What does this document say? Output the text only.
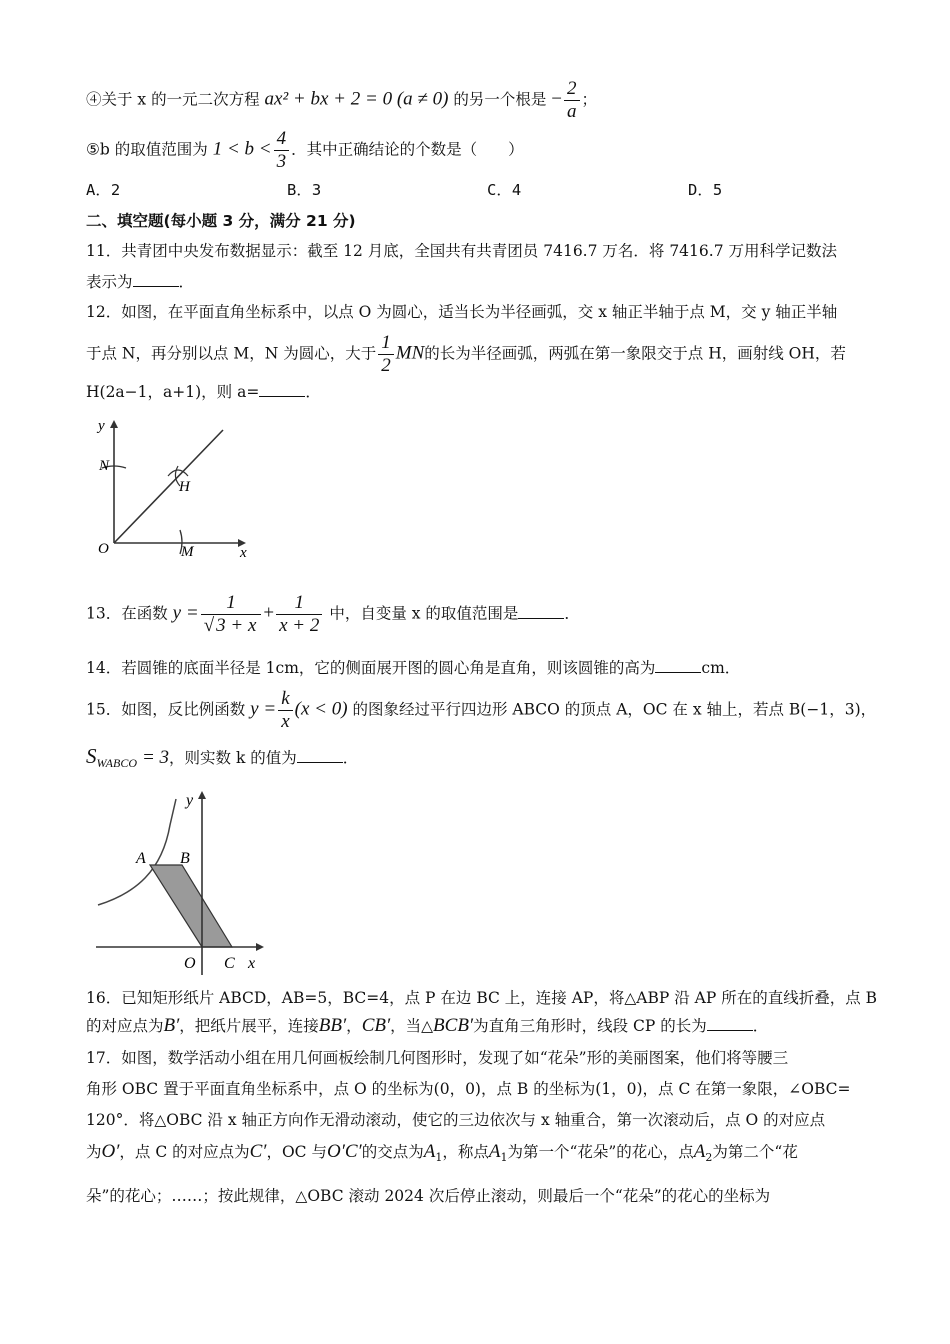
④关于 x 的一元二次方程 ax² + bx + 2 = 0 (a ≠ 0) 的另一个根是 − $\frac{2}{a}$ ；
⑤b 的取值范围为 $1 < b < \frac{4}{3}$ ．其中正确结论的个数是（　　）
A．2	B．3	C．4	D．5
二、填空题(每小题 3 分，满分 21 分)
11．共青团中央发布数据显示：截至 12 月底，全国共有共青团员 7416.7 万名．将 7416.7 万用科学记数法
表示为	．
12．如图，在平面直角坐标系中，以点 O 为圆心，适当长为半径画弧，交 x 轴正半轴于点 M，交 y 轴正半轴
于点 N，再分别以点 M，N 为圆心，大于 $\frac{1}{2}$ MN的长为半径画弧，两弧在第一象限交于点 H，画射线 OH，若
H(2a−1，a+1)，则 a=	．
y
x
O
N
M
H
13．在函数 $y = \frac{1}{√ 3 + x} + \frac{1}{x + 2}$ 中，自变量 x 的取值范围是	．
14．若圆锥的底面半径是 1cm，它的侧面展开图的圆心角是直角，则该圆锥的高为	cm．
15．如图，反比例函数 $y = \frac{k}{x} (x < 0)$ 的图象经过平行四边形 ABCO 的顶点 A，OC 在 x 轴上，若点 B(−1，3)，
$S_{WABCO} = 3$，则实数 k 的值为	．
y
x
O C
A B
16．已知矩形纸片 ABCD，AB=5，BC=4，点 P 在边 BC 上，连接 AP，将△ABP 沿 AP 所在的直线折叠，点 B
的对应点为B′，把纸片展平，连接BB′，CB′，当△BCB′为直角三角形时，线段 CP 的长为	．
17．如图，数学活动小组在用几何画板绘制几何图形时，发现了如“花朵”形的美丽图案，他们将等腰三
角形 OBC 置于平面直角坐标系中，点 O 的坐标为(0，0)，点 B 的坐标为(1，0)，点 C 在第一象限，∠OBC=
120°．将△OBC 沿 x 轴正方向作无滑动滚动，使它的三边依次与 x 轴重合，第一次滚动后，点 O 的对应点
为O′，点 C 的对应点为C′，OC 与O′C′的交点为$A_1$，称点$A_1$为第一个“花朵”的花心，点$A_2$为第二个“花
朵”的花心；……；按此规律，△OBC 滚动 2024 次后停止滚动，则最后一个“花朵”的花心的坐标为
